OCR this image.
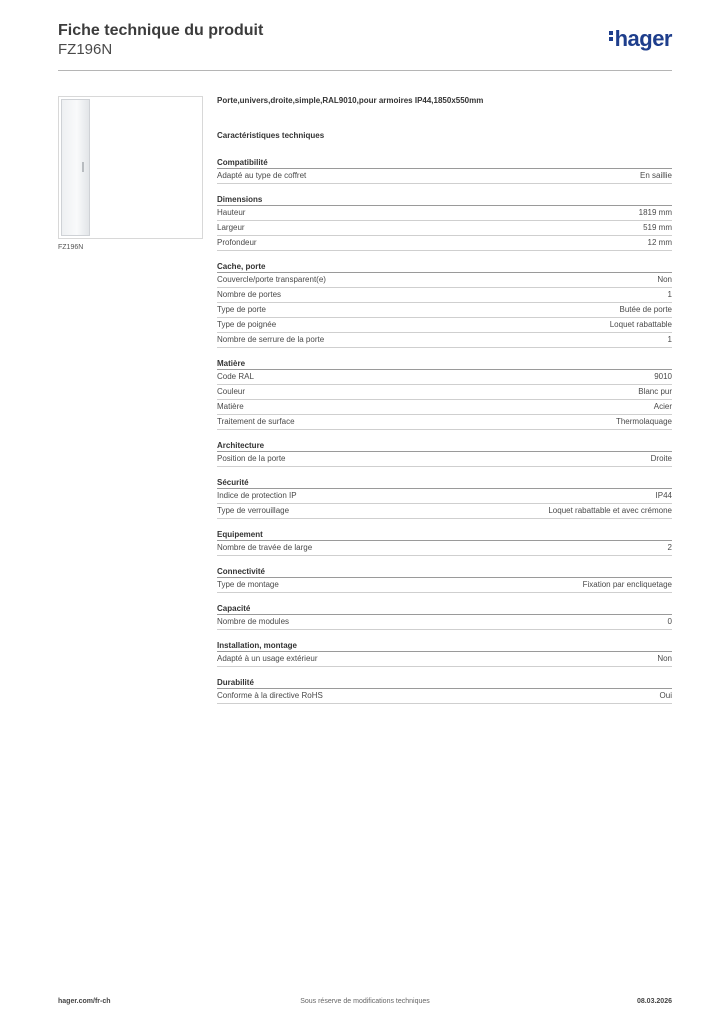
Fiche technique du produit
FZ196N	hager
FZ196N
Porte,univers,droite,simple,RAL9010,pour armoires IP44,1850x550mm
Caractéristiques techniques
Compatibilité
Adapté au type de coffret	En saillie
Dimensions
Hauteur	1819 mm
Largeur	519 mm
Profondeur	12 mm
Cache, porte
Couvercle/porte transparent(e)	Non
Nombre de portes	1
Type de porte	Butée de porte
Type de poignée	Loquet rabattable
Nombre de serrure de la porte	1
Matière
Code RAL	9010
Couleur	Blanc pur
Matière	Acier
Traitement de surface	Thermolaquage
Architecture
Position de la porte	Droite
Sécurité
Indice de protection IP	IP44
Type de verrouillage	Loquet rabattable et avec crémone
Equipement
Nombre de travée de large	2
Connectivité
Type de montage	Fixation par encliquetage
Capacité
Nombre de modules	0
Installation, montage
Adapté à un usage extérieur	Non
Durabilité
Conforme à la directive RoHS	Oui
hager.com/fr-ch	Sous réserve de modifications techniques	08.03.2026
